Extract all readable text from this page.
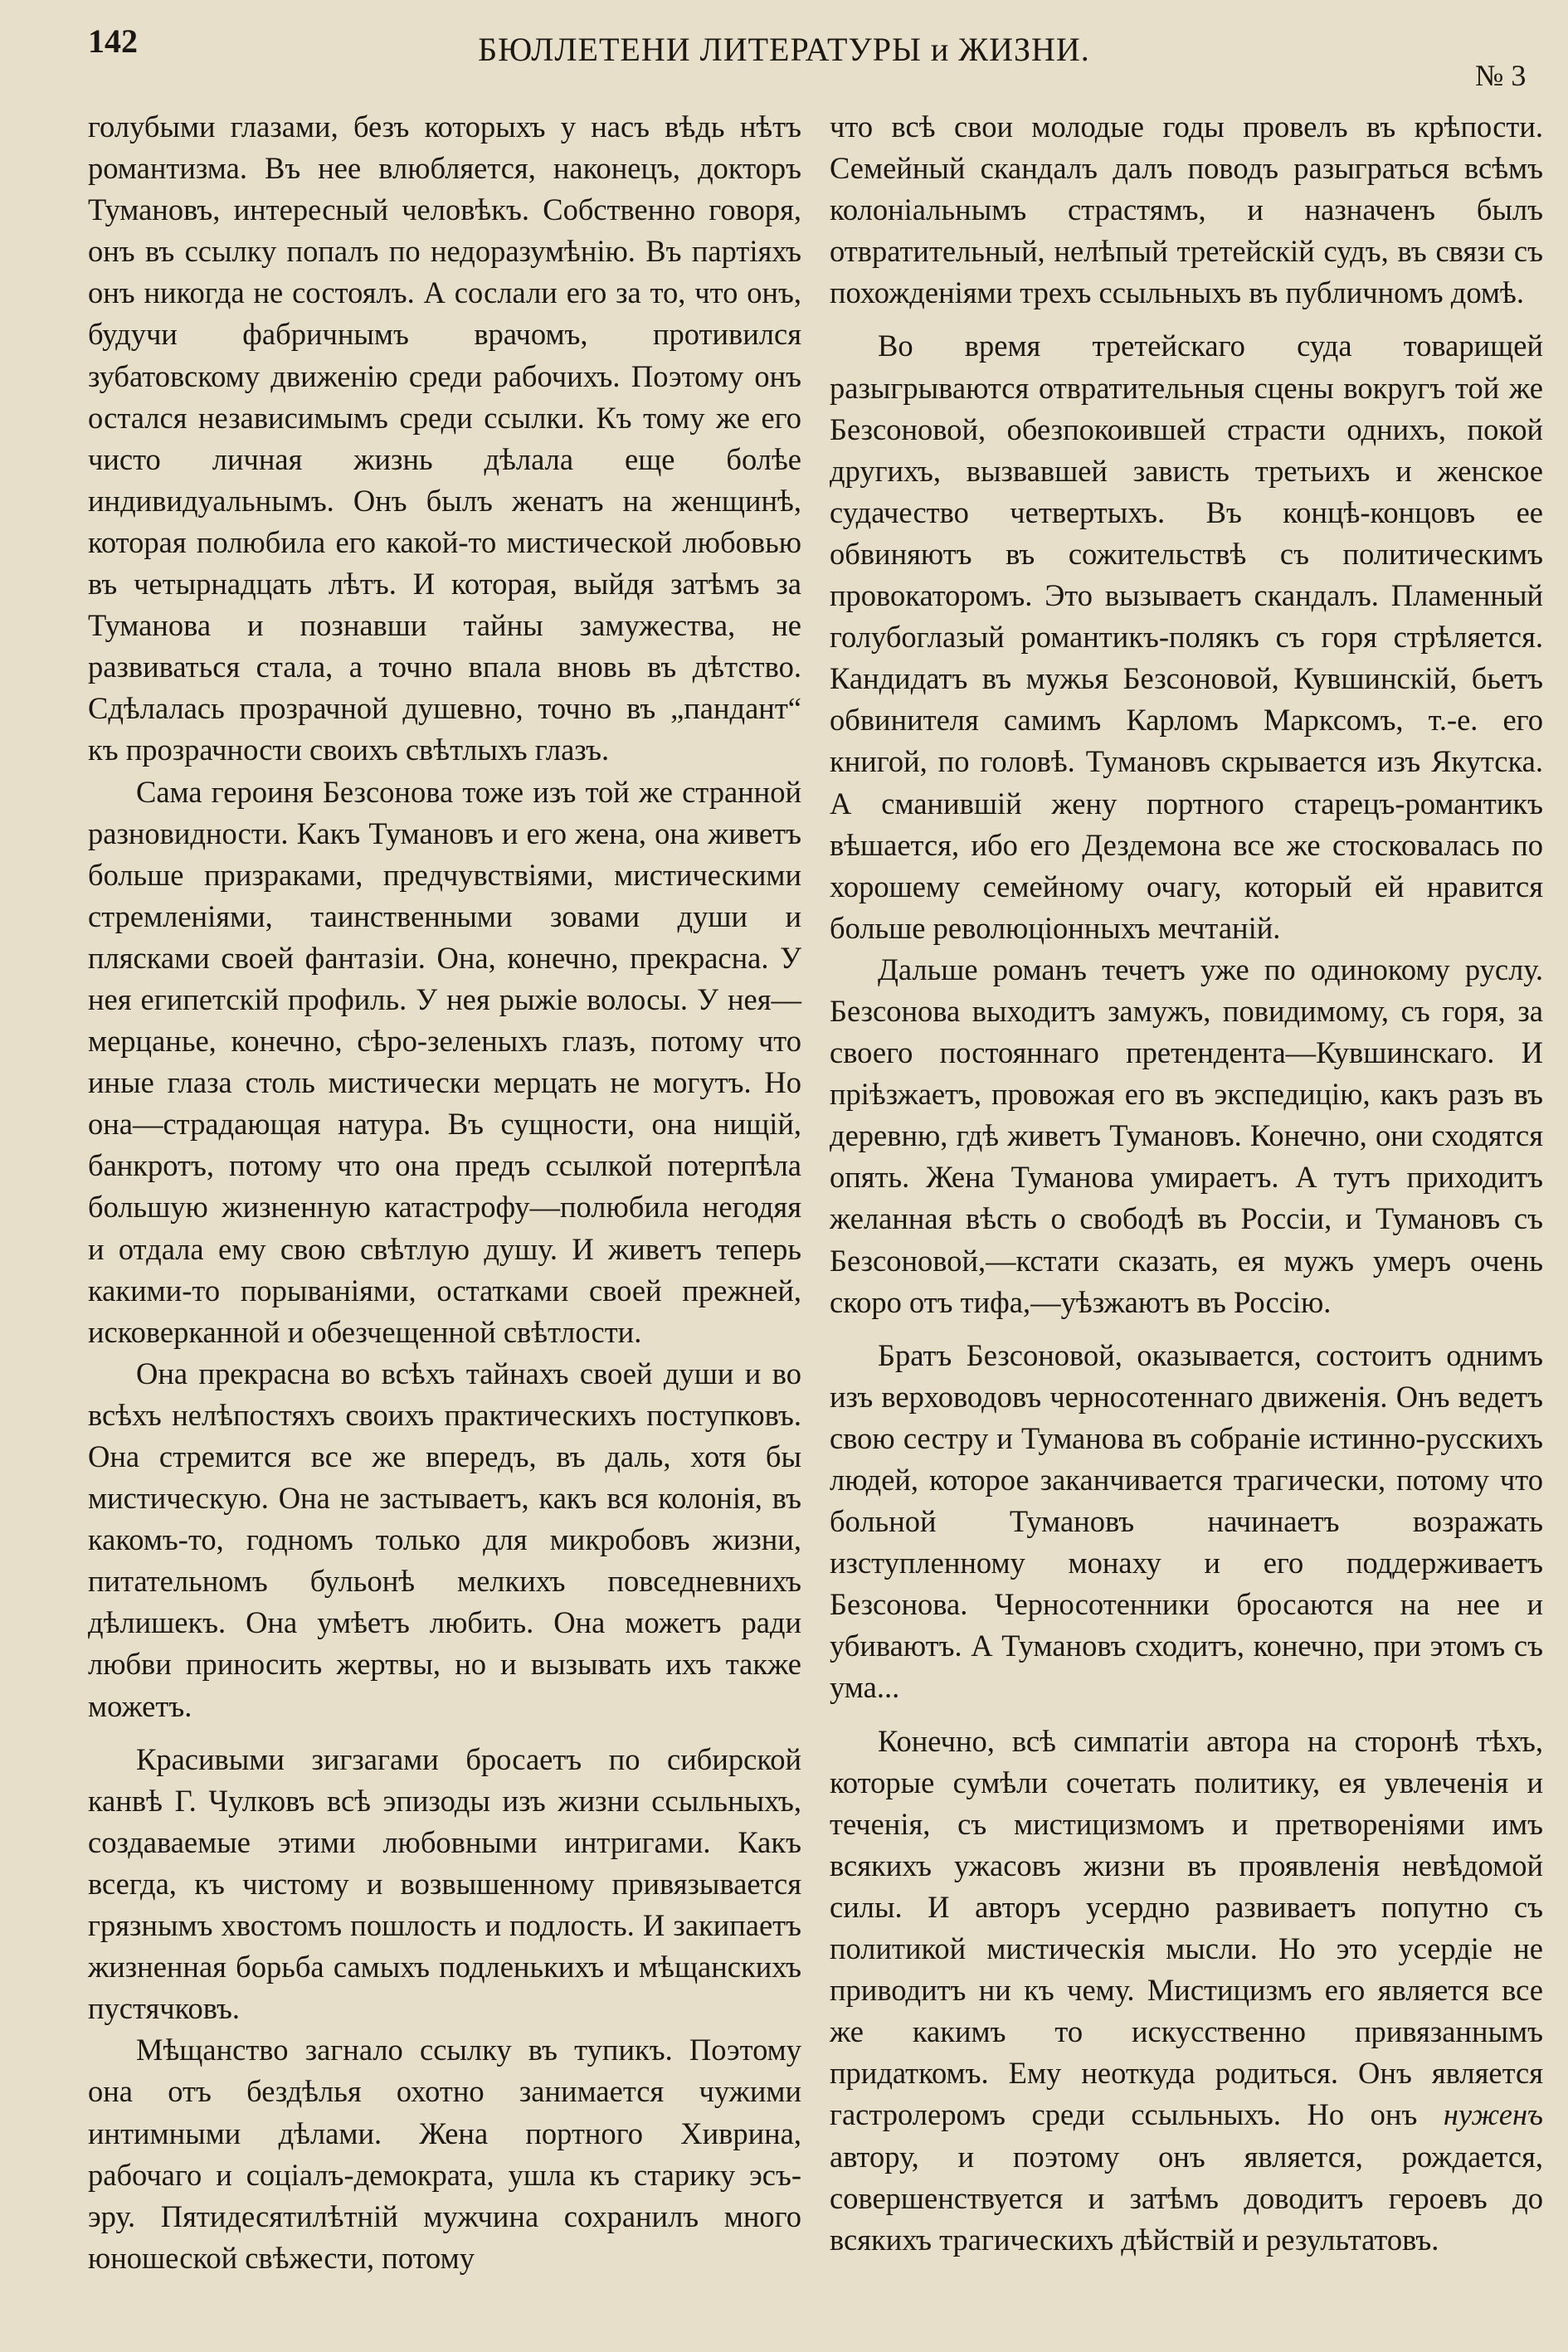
142	БЮЛЛЕТЕНИ ЛИТЕРАТУРЫ и ЖИЗНИ.
№ 3

голубыми глазами, безъ которыхъ у насъ вѣдь нѣтъ романтизма. Въ нее влюбляется, наконецъ, докторъ Тумановъ, интересный человѣкъ. Собственно говоря, онъ въ ссылку попалъ по недоразумѣнію. Въ партіяхъ онъ никогда не состоялъ. А сослали его за то, что онъ, будучи фабричнымъ врачомъ, противился зубатовскому движенію среди рабочихъ. Поэтому онъ остался независимымъ среди ссылки. Къ тому же его чисто личная жизнь дѣлала еще болѣе индивидуальнымъ. Онъ былъ женатъ на женщинѣ, которая полюбила его какой-то мистической любовью въ четырнадцать лѣтъ. И которая, выйдя затѣмъ за Туманова и познавши тайны замужества, не развиваться стала, а точно впала вновь въ дѣтство. Сдѣлалась прозрачной душевно, точно въ „пандант“ къ прозрачности своихъ свѣтлыхъ глазъ.

Сама героиня Безсонова тоже изъ той же странной разновидности. Какъ Тумановъ и его жена, она живетъ больше призраками, предчувствіями, мистическими стремленіями, таинственными зовами души и плясками своей фантазіи. Она, конечно, прекрасна. У нея египетскій профиль. У нея рыжіе волосы. У нея—мерцанье, конечно, сѣро-зеленыхъ глазъ, потому что иные глаза столь мистически мерцать не могутъ. Но она—страдающая натура. Въ сущности, она нищій, банкротъ, потому что она предъ ссылкой потерпѣла большую жизненную катастрофу—полюбила негодяя и отдала ему свою свѣтлую душу. И живетъ теперь какими-то порываніями, остатками своей прежней, исковерканной и обезчещенной свѣтлости.

Она прекрасна во всѣхъ тайнахъ своей души и во всѣхъ нелѣпостяхъ своихъ практическихъ поступковъ. Она стремится все же впередъ, въ даль, хотя бы мистическую. Она не застываетъ, какъ вся колонія, въ какомъ-то, годномъ только для микробовъ жизни, питательномъ бульонѣ мелкихъ повседневнихъ дѣлишекъ. Она умѣетъ любить. Она можетъ ради любви приносить жертвы, но и вызывать ихъ также можетъ.

Красивыми зигзагами бросаетъ по сибирской канвѣ Г. Чулковъ всѣ эпизоды изъ жизни ссыльныхъ, создаваемые этими любовными интригами. Какъ всегда, къ чистому и возвышенному привязывается грязнымъ хвостомъ пошлость и подлость. И закипаетъ жизненная борьба самыхъ подленькихъ и мѣщанскихъ пустячковъ.

Мѣщанство загнало ссылку въ тупикъ. Поэтому она отъ бездѣлья охотно занимается чужими интимными дѣлами. Жена портного Хиврина, рабочаго и соціалъ-демократа, ушла къ старику эсъ-эру. Пятидесятилѣтній мужчина сохранилъ много юношеской свѣжести, потому

что всѣ свои молодые годы провелъ въ крѣпости. Семейный скандалъ далъ поводъ разыграться всѣмъ колоніальнымъ страстямъ, и назначенъ былъ отвратительный, нелѣпый третейскій судъ, въ связи съ похожденіями трехъ ссыльныхъ въ публичномъ домѣ.

Во время третейскаго суда товарищей разыгрываются отвратительныя сцены вокругъ той же Безсоновой, обезпокоившей страсти однихъ, покой другихъ, вызвавшей зависть третьихъ и женское судачество четвертыхъ. Въ концѣ-концовъ ее обвиняютъ въ сожительствѣ съ политическимъ провокаторомъ. Это вызываетъ скандалъ. Пламенный голубоглазый романтикъ-полякъ съ горя стрѣляется. Кандидатъ въ мужья Безсоновой, Кувшинскій, бьетъ обвинителя самимъ Карломъ Марксомъ, т.-е. его книгой, по головѣ. Тумановъ скрывается изъ Якутска. А сманившій жену портного старецъ-романтикъ вѣшается, ибо его Дездемона все же стосковалась по хорошему семейному очагу, который ей нравится больше революціонныхъ мечтаній.

Дальше романъ течетъ уже по одинокому руслу. Безсонова выходитъ замужъ, повидимому, съ горя, за своего постояннаго претендента—Кувшинскаго. И пріѣзжаетъ, провожая его въ экспедицію, какъ разъ въ деревню, гдѣ живетъ Тумановъ. Конечно, они сходятся опять. Жена Туманова умираетъ. А тутъ приходитъ желанная вѣсть о свободѣ въ Россіи, и Тумановъ съ Безсоновой,—кстати сказать, ея мужъ умеръ очень скоро отъ тифа,—уѣзжаютъ въ Россію.

Братъ Безсоновой, оказывается, состоитъ однимъ изъ верховодовъ черносотеннаго движенія. Онъ ведетъ свою сестру и Туманова въ собраніе истинно-русскихъ людей, которое заканчивается трагически, потому что больной Тумановъ начинаетъ возражать изступленному монаху и его поддерживаетъ Безсонова. Черносотенники бросаются на нее и убиваютъ. А Тумановъ сходитъ, конечно, при этомъ съ ума...

Конечно, всѣ симпатіи автора на сторонѣ тѣхъ, которые сумѣли сочетать политику, ея увлеченія и теченія, съ мистицизмомъ и претвореніями имъ всякихъ ужасовъ жизни въ проявленія невѣдомой силы. И авторъ усердно развиваетъ попутно съ политикой мистическія мысли. Но это усердіе не приводитъ ни къ чему. Мистицизмъ его является все же какимъ то искусственно привязаннымъ придаткомъ. Ему неоткуда родиться. Онъ является гастролеромъ среди ссыльныхъ. Но онъ нуженъ автору, и поэтому онъ является, рождается, совершенствуется и затѣмъ доводитъ героевъ до всякихъ трагическихъ дѣйствій и результатовъ.
